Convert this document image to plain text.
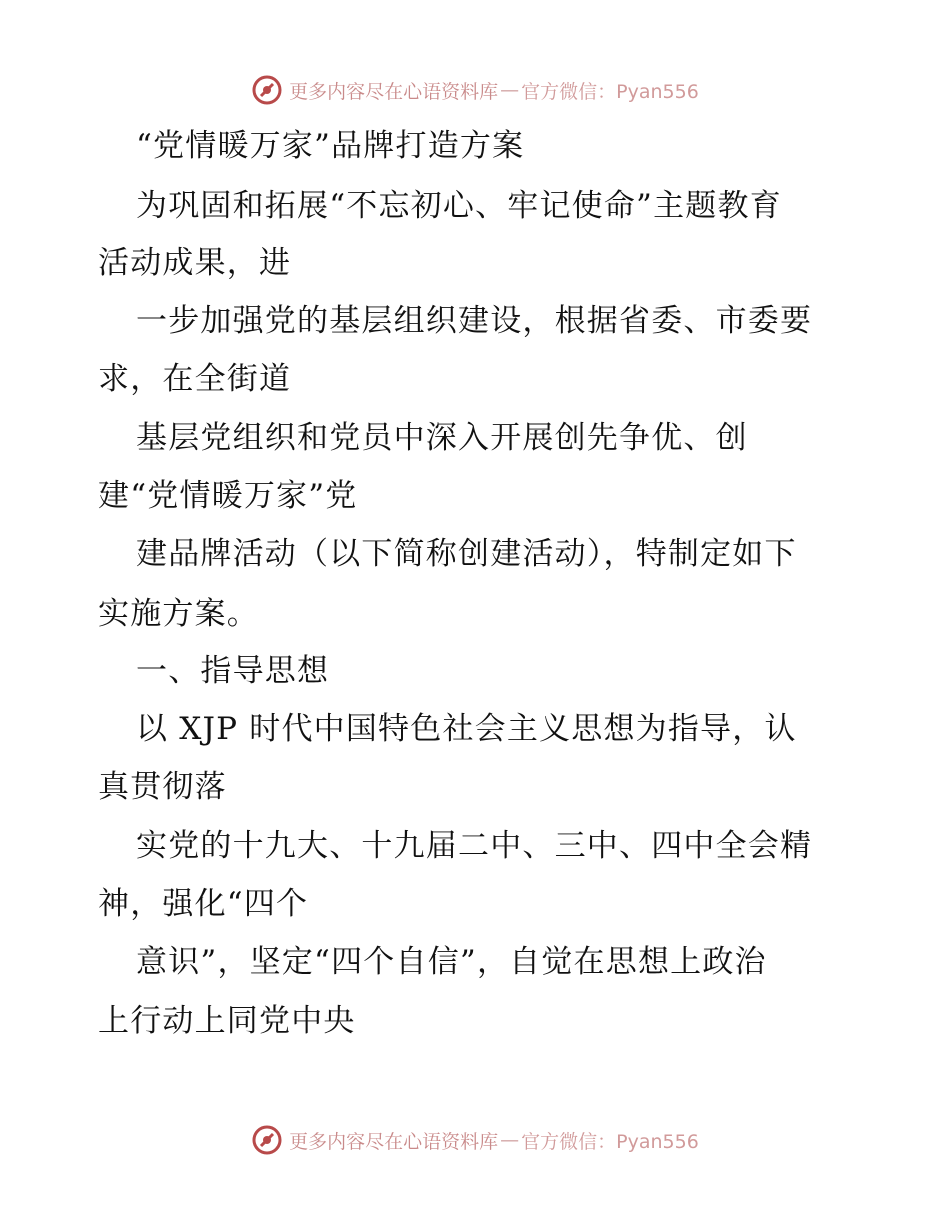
更多内容尽在心语资料库 — 官方微信：Pyan556
“党情暖万家”品牌打造方案
为巩固和拓展“不忘初心、牢记使命”主题教育
活动成果，进
一步加强党的基层组织建设，根据省委、市委要
求，在全街道
基层党组织和党员中深入开展创先争优、创
建“党情暖万家”党
建品牌活动（以下简称创建活动），特制定如下
实施方案。
一、指导思想
以 XJP 时代中国特色社会主义思想为指导，认
真贯彻落
实党的十九大、十九届二中、三中、四中全会精
神，强化“四个
意识”，坚定“四个自信”，自觉在思想上政治
上行动上同党中央
更多内容尽在心语资料库 — 官方微信：Pyan556
